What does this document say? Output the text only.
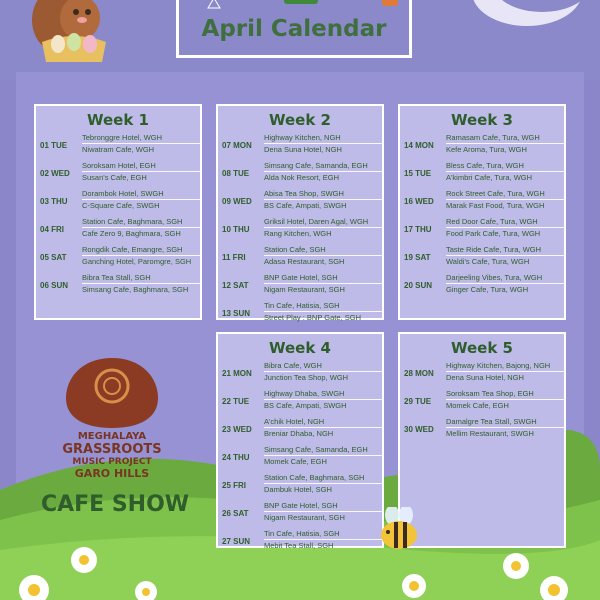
April Calendar
Week 1
01 TUE
Tebronggre Hotel, WGH
Niwatram Cafe, WGH
02 WED
Soroksam Hotel, EGH
Susan's Cafe, EGH
03 THU
Dorambok Hotel, SWGH
C-Square Cafe, SWGH
04 FRI
Station Cafe, Baghmara, SGH
Cafe Zero 9, Baghmara, SGH
05 SAT
Rongdik Cafe, Emangre, SGH
Ganching Hotel, Paromgre, SGH
06 SUN
Bibra Tea Stall, SGH
Simsang Cafe, Baghmara, SGH
Week 2
07 MON
Highway Kitchen, NGH
Dena Suna Hotel, NGH
08 TUE
Simsang Cafe, Samanda, EGH
Alda Nok Resort, EGH
09 WED
Abisa Tea Shop, SWGH
BS Cafe, Ampati, SWGH
10 THU
Griksil Hotel, Daren Agal, WGH
Rang Kitchen, WGH
11 FRI
Station Cafe, SGH
Adasa Restaurant, SGH
12 SAT
BNP Gate Hotel, SGH
Nigam Restaurant, SGH
13 SUN
Tin Cafe, Hatisia, SGH
Street Play : BNP Gate, SGH
Week 3
14 MON
Ramasam Cafe, Tura, WGH
Kefe Aroma, Tura, WGH
15 TUE
Bless Cafe, Tura, WGH
A'kimbri Cafe, Tura, WGH
16 WED
Rock Street Cafe, Tura, WGH
Marak Fast Food, Tura, WGH
17 THU
Red Door Cafe, Tura, WGH
Food Park Cafe, Tura, WGH
19 SAT
Taste Ride Cafe, Tura, WGH
Waldi's Cafe, Tura, WGH
20 SUN
Darjeeling Vibes, Tura, WGH
Ginger Cafe, Tura, WGH
Week 4
21 MON
Bibra Cafe, WGH
Junction Tea Shop, WGH
22 TUE
Highway Dhaba, SWGH
BS Cafe, Ampati, SWGH
23 WED
A'chik Hotel, NGH
Breniar Dhaba, NGH
24 THU
Simsang Cafe, Samanda, EGH
Momek Cafe, EGH
25 FRI
Station Cafe, Baghmara, SGH
Dambuk Hotel, SGH
26 SAT
BNP Gate Hotel, SGH
Nigam Restaurant, SGH
27 SUN
Tin Cafe, Hatisia, SGH
Mebit Tea Stall, SGH
Week 5
28 MON
Highway Kitchen, Bajong, NGH
Dena Suna Hotel, NGH
29 TUE
Soroksam Tea Shop, EGH
Momek Cafe, EGH
30 WED
Damalgre Tea Stall, SWGH
Mellim Restaurant, SWGH
MEGHALAYA
GRASSROOTS
MUSIC PROJECT
GARO HILLS
CAFE SHOW
